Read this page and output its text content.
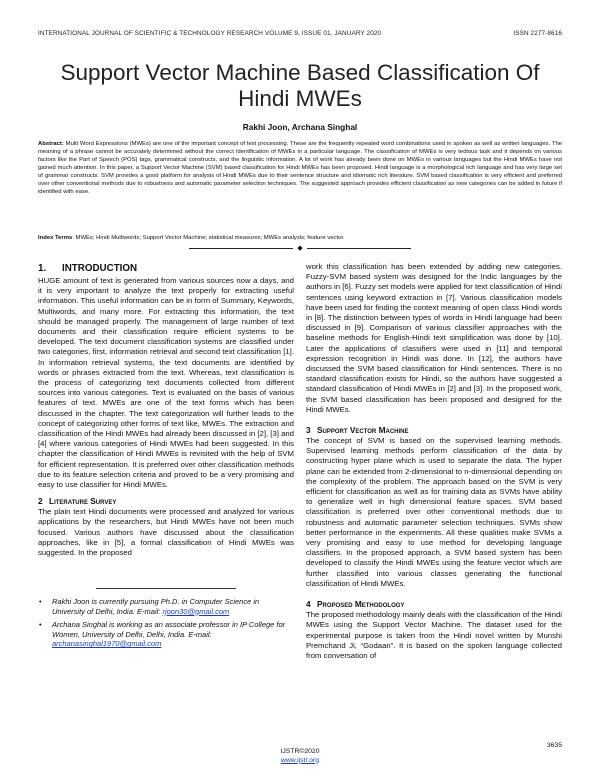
INTERNATIONAL JOURNAL OF SCIENTIFIC & TECHNOLOGY RESEARCH VOLUME 9, ISSUE 01, JANUARY 2020	ISSN 2277-8616
Support Vector Machine Based Classification Of
Hindi MWEs
Rakhi Joon, Archana Singhal
Abstract: Multi Word Expressions (MWEs) are one of the important concept of text processing. These are the frequently repeated word combinations used in spoken as well as written languages. The meaning of a phrase cannot be accurately determined without the correct identification of MWEs in a particular language. The classification of MWEs is very tedious task and it depends on various factors like the Part of Speech (POS) tags, grammatical constructs, and the linguistic information. A lot of work has already been done on MWEs in various languages but the Hindi MWEs have not gained much attention. In this paper, a Support Vector Machine (SVM) based classification for Hindi MWEs has been proposed. Hindi language is a morphological rich language and has very large set of grammar constructs. SVM provides a good platform for analysis of Hindi MWEs due to their sentence structure and idiomatic rich literature. SVM based classification is very efficient and preferred over other conventional methods due to robustness and automatic parameter selection techniques. The suggested approach provides efficient classification as new categories can be added in future if identified with ease.
Index Terms: MWEs; Hindi Multiwords; Support Vector Machine; statistical measures; MWEs analysis; feature vector.
◆
1. INTRODUCTION

HUGE amount of text is generated from various sources now a days, and it is very important to analyze the text properly for extracting useful information. This useful information can be in form of Summary, Keywords, Multiwords, and many more. For extracting this information, the text should be managed properly. The management of large number of text documents and their classification require efficient systems to be developed. The text document classification systems are classified under two categories, first, information retrieval and second text classification [1]. In information retrieval systems, the text documents are identified by words or phrases extracted from the text. Whereas, text classification is the process of categorizing text documents collected from different sources into various categories. Text is evaluated on the basis of various features of text. MWEs are one of the text forms which has been discussed in the chapter. The text categorization will further leads to the concept of categorizing other forms of text like, MWEs. The extraction and classification of the Hindi MWEs had already been discussed in [2], [3] and [4] where various categories of Hindi MWEs had been suggested. In this chapter the classification of Hindi MWEs is revisited with the help of SVM for efficient representation. It is preferred over other classification methods due to its feature selection criteria and proved to be a very promising and easy to use classifier for Hindi MWEs.

2 Literature Survey

The plain text Hindi documents were processed and analyzed for various applications by the researchers, but Hindi MWEs have not been much focused. Various authors have discussed about the classification approaches, like in [5], a formal classification of Hindi MWEs was suggested. In the proposed

• Rakhi Joon is currently pursuing Ph.D. in Computer Science in University of Delhi, India. E-mail: rjoon30@gmail.com
• Archana Singhal is working as an associate professor in IP College for Women, University of Delhi, Delhi, India. E-mail: archanasinghal1970@gmail.com

work this classification has been extended by adding new categories. Fuzzy-SVM based system was designed for the Indic languages by the authors in [6]. Fuzzy set models were applied for text classification of Hindi sentences using keyword extraction in [7]. Various classification models have been used for finding the context meaning of open class Hindi words in [8]. The distinction between types of words in Hindi language had been discussed in [9]. Comparison of various classifier approaches with the baseline methods for English-Hindi text simplification was done by [10]. Later the applications of classifiers were used in [11] and temporal expression recognition in Hindi was done. In [12], the authors have discussed the SVM based classification for Hindi sentences. There is no standard classification exists for Hindi, so the authors have suggested a standard classification of Hindi MWEs in [2] and [3]. In the proposed work, the SVM based classification has been proposed and designed for the Hindi MWEs.

3 Support Vector Machine

The concept of SVM is based on the supervised learning methods. Supervised learning methods perform classification of the data by constructing hyper plane which is used to separate the data. The hyper plane can be extended from 2-dimensional to n-dimensional depending on the complexity of the problem. The approach based on the SVM is very efficient for classification as well as for training data as SVMs have ability to generalize well in high dimensional feature spaces. SVM based classification is preferred over other conventional methods due to robustness and automatic parameter selection techniques. SVMs show better performance in the experiments. All these qualities make SVMs a very promising and easy to use method for developing language classifiers. In the proposed approach, a SVM based system has been developed to classify the Hindi MWEs using the feature vector which are further classified into various classes generating the functional classification of Hindi MWEs.

4 Proposed Methodology

The proposed methodology mainly deals with the classification of the Hindi MWEs using the Support Vector Machine. The dataset used for the experimental purpose is taken from the Hindi novel written by Munshi Premchand Ji, “Godaan”. It is based on the spoken language collected from conversation of

3635
IJSTR©2020
www.ijstr.org
